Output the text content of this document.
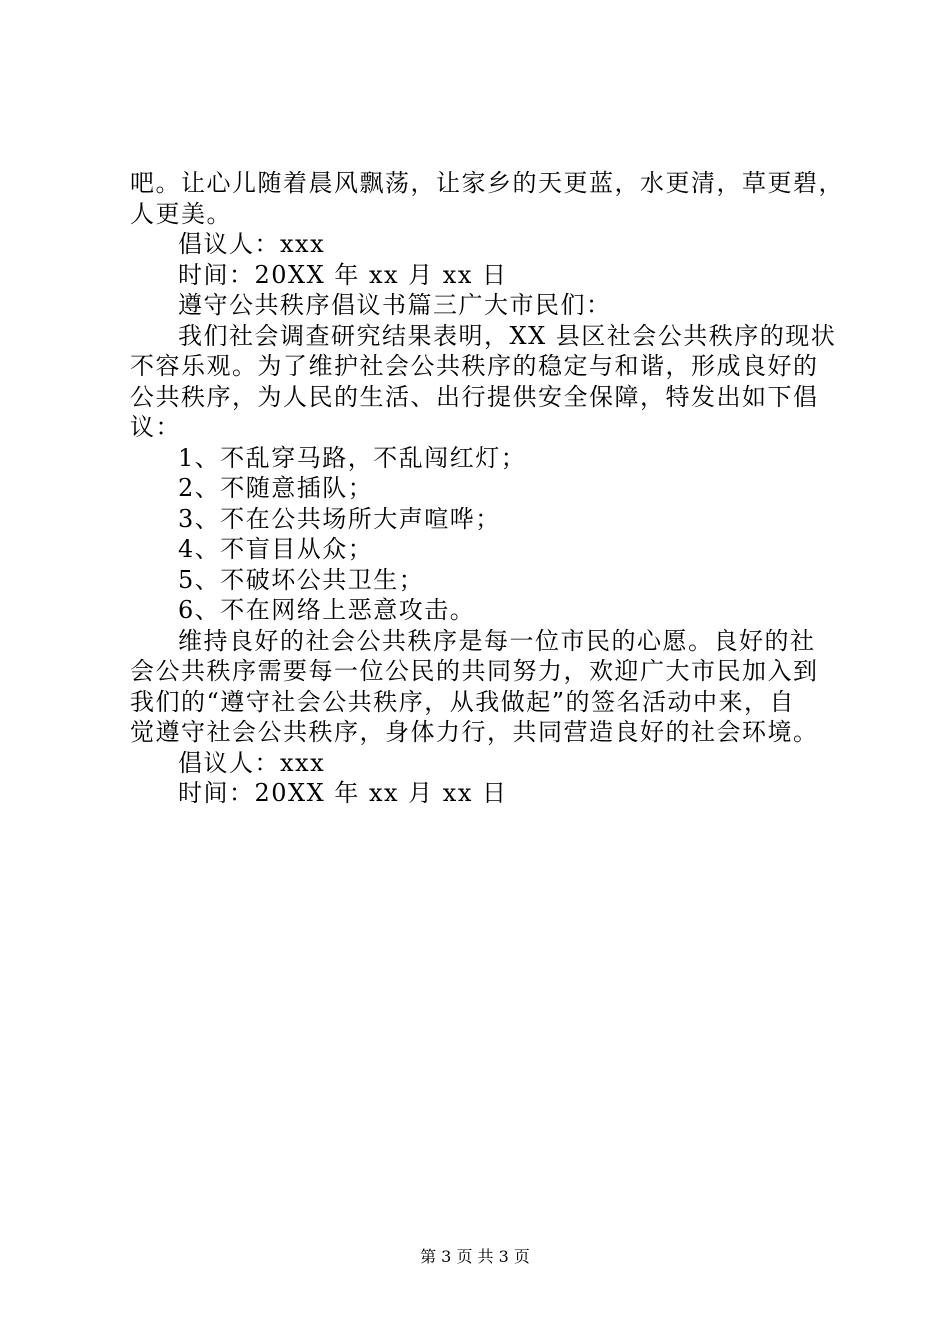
吧。让心儿随着晨风飘荡，让家乡的天更蓝，水更清，草更碧，
人更美。
倡议人：xxx
时间：20XX 年 xx 月 xx 日
遵守公共秩序倡议书篇三广大市民们：
我们社会调查研究结果表明，XX 县区社会公共秩序的现状
不容乐观。为了维护社会公共秩序的稳定与和谐，形成良好的
公共秩序，为人民的生活、出行提供安全保障，特发出如下倡
议：
1、不乱穿马路，不乱闯红灯；
2、不随意插队；
3、不在公共场所大声喧哗；
4、不盲目从众；
5、不破坏公共卫生；
6、不在网络上恶意攻击。
维持良好的社会公共秩序是每一位市民的心愿。良好的社
会公共秩序需要每一位公民的共同努力，欢迎广大市民加入到
我们的“遵守社会公共秩序，从我做起”的签名活动中来，自
觉遵守社会公共秩序，身体力行，共同营造良好的社会环境。
倡议人：xxx
时间：20XX 年 xx 月 xx 日
第 3 页 共 3 页
